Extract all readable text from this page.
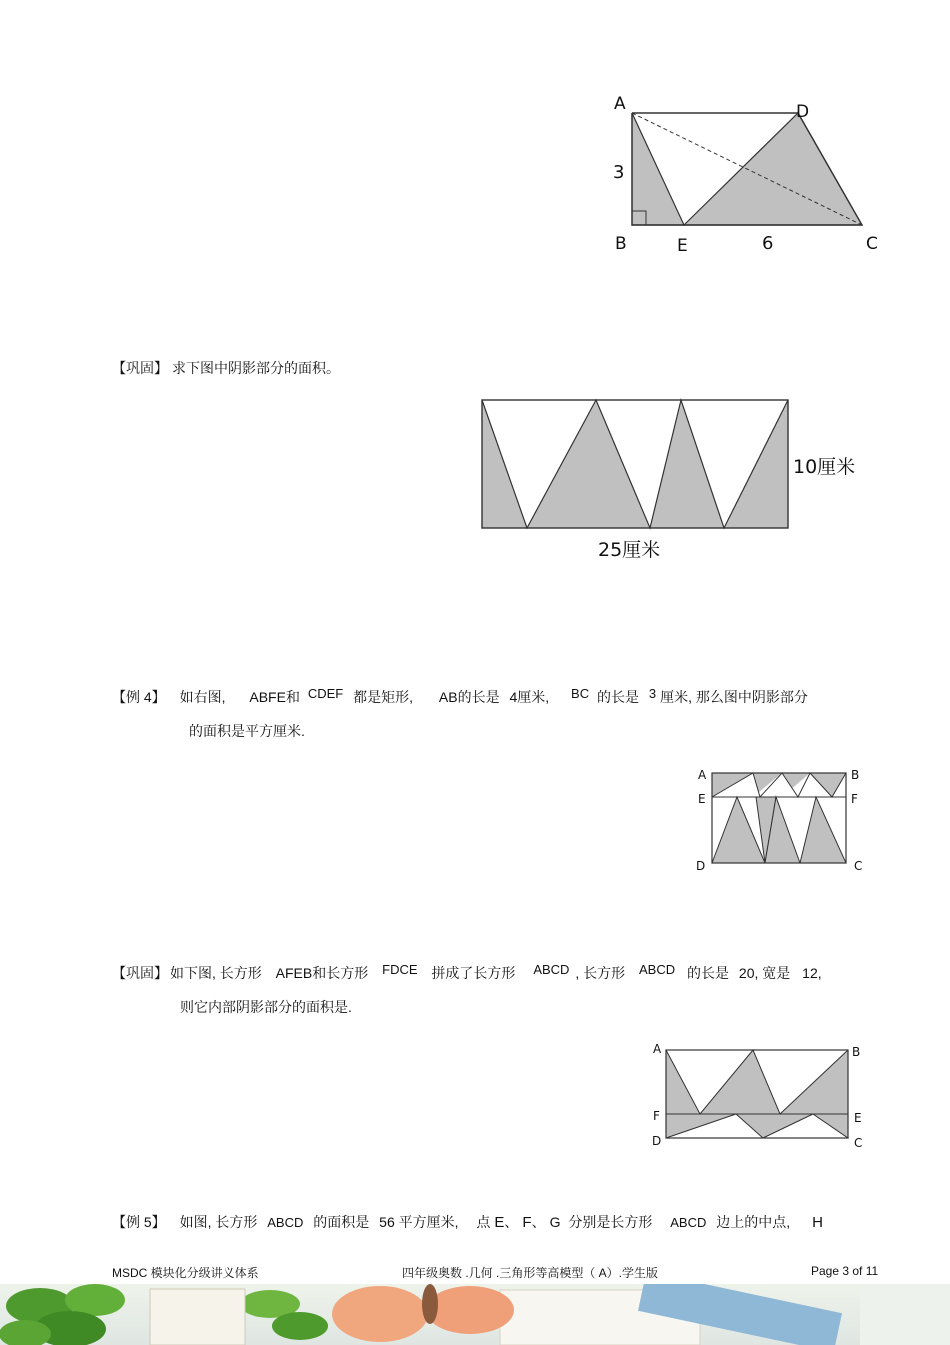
A	D
3
B	E	6	C
【巩固】 求下图中阴影部分的面积。
10厘米
25厘米
【例 4】 如右图, ABFE和 CDEF 都是矩形, AB的长是 4厘米, BC 的长是 3 厘米, 那么图中阴影部分
的面积是平方厘米.
A	B
E	F
D	C
【巩固】 如下图, 长方形 AFEB和长方形 FDCE 拼成了长方形 ABCD , 长方形 ABCD 的长是 20, 宽是 12,
则它内部阴影部分的面积是.
A	B
F	E
D	C
【例 5】 如图, 长方形 ABCD 的面积是 56 平方厘米, 点 E、 F、 G 分别是长方形 ABCD 边上的中点, H
MSDC 模块化分级讲义体系	四年级奥数 .几何 .三角形等高模型（ A）.学生版	Page 3 of 11
